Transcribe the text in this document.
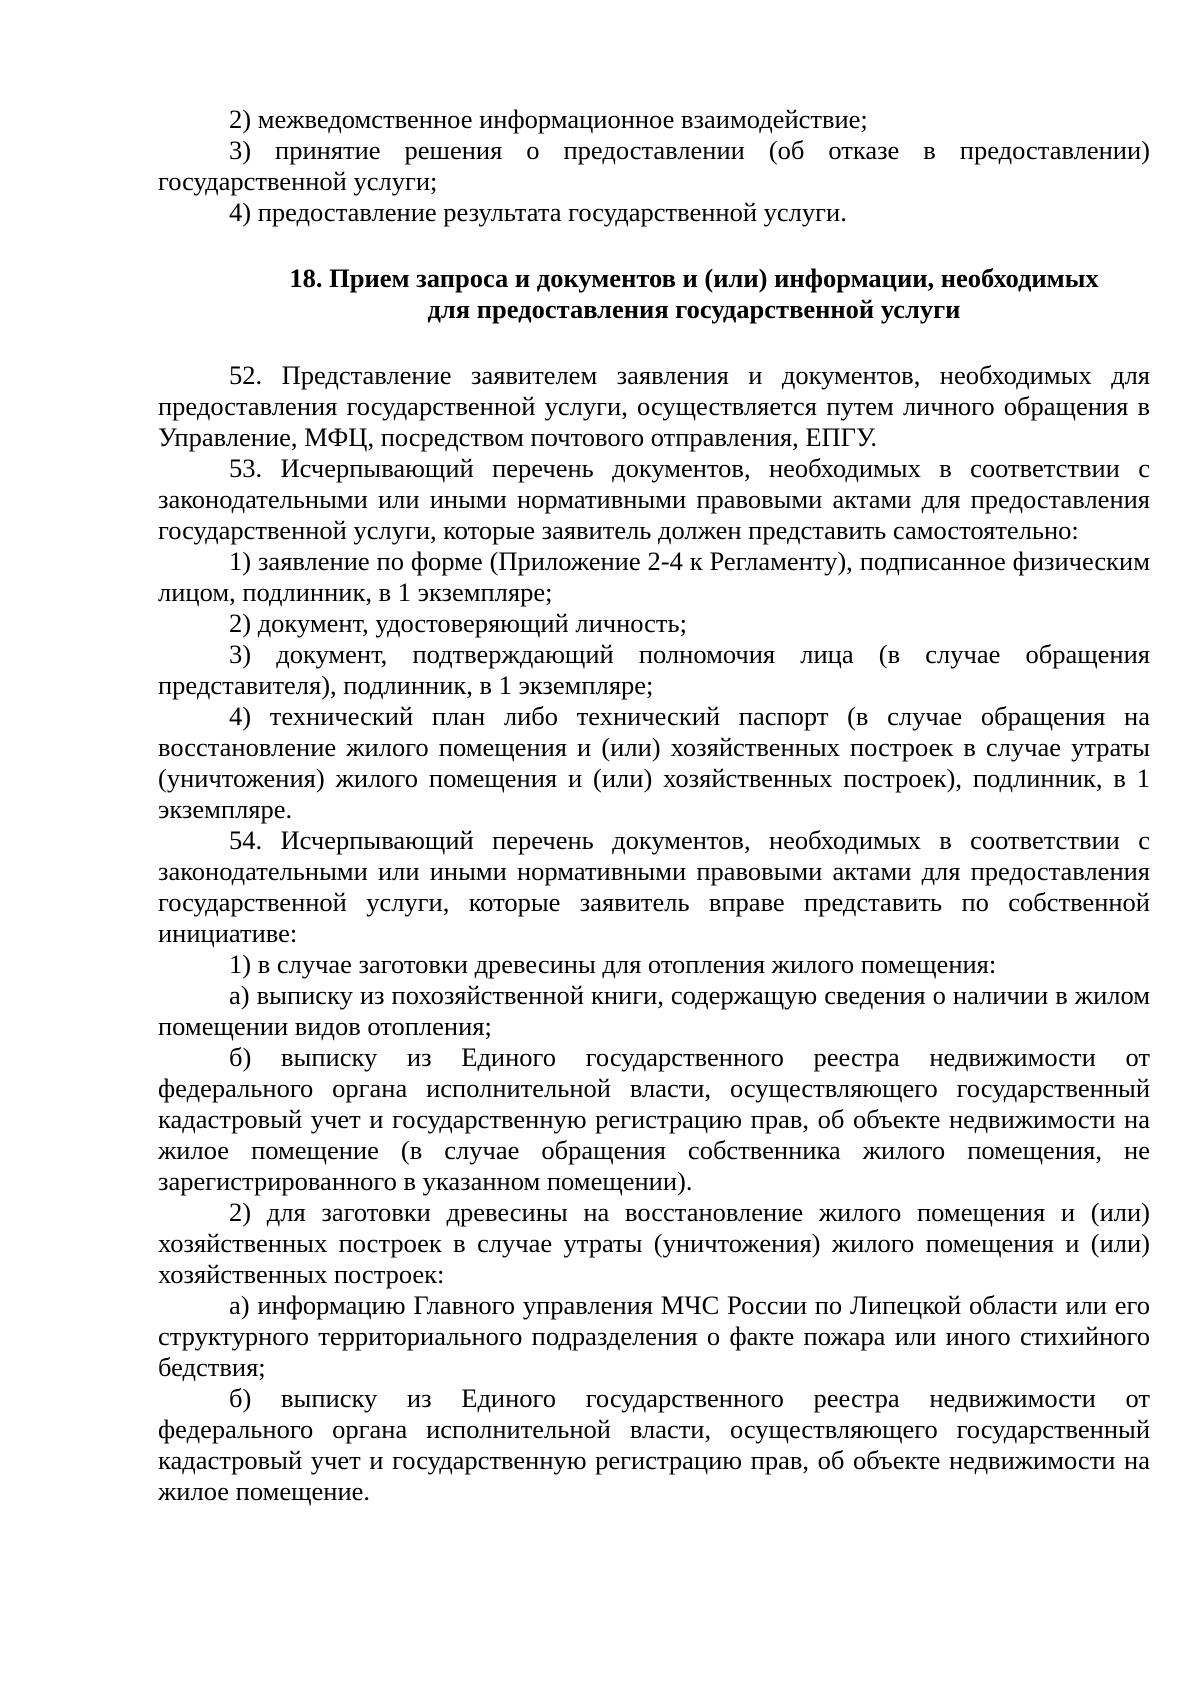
2) межведомственное информационное взаимодействие;

3) принятие решения о предоставлении (об отказе в предоставлении) государственной услуги;

4) предоставление результата государственной услуги.

18. Прием запроса и документов и (или) информации, необходимых
для предоставления государственной услуги

52. Представление заявителем заявления и документов, необходимых для предоставления государственной услуги, осуществляется путем личного обращения в Управление, МФЦ, посредством почтового отправления, ЕПГУ.

53. Исчерпывающий перечень документов, необходимых в соответствии с законодательными или иными нормативными правовыми актами для предоставления государственной услуги, которые заявитель должен представить самостоятельно:

1) заявление по форме (Приложение 2-4 к Регламенту), подписанное физическим лицом, подлинник, в 1 экземпляре;

2) документ, удостоверяющий личность;

3) документ, подтверждающий полномочия лица (в случае обращения представителя), подлинник, в 1 экземпляре;

4) технический план либо технический паспорт (в случае обращения на восстановление жилого помещения и (или) хозяйственных построек в случае утраты (уничтожения) жилого помещения и (или) хозяйственных построек), подлинник, в 1 экземпляре.

54. Исчерпывающий перечень документов, необходимых в соответствии с законодательными или иными нормативными правовыми актами для предоставления государственной услуги, которые заявитель вправе представить по собственной инициативе:

1) в случае заготовки древесины для отопления жилого помещения:

а) выписку из похозяйственной книги, содержащую сведения о наличии в жилом помещении видов отопления;

б) выписку из Единого государственного реестра недвижимости от федерального органа исполнительной власти, осуществляющего государственный кадастровый учет и государственную регистрацию прав, об объекте недвижимости на жилое помещение (в случае обращения собственника жилого помещения, не зарегистрированного в указанном помещении).

2) для заготовки древесины на восстановление жилого помещения и (или) хозяйственных построек в случае утраты (уничтожения) жилого помещения и (или) хозяйственных построек:

а) информацию Главного управления МЧС России по Липецкой области или его структурного территориального подразделения о факте пожара или иного стихийного бедствия;

б) выписку из Единого государственного реестра недвижимости от федерального органа исполнительной власти, осуществляющего государственный кадастровый учет и государственную регистрацию прав, об объекте недвижимости на жилое помещение.
